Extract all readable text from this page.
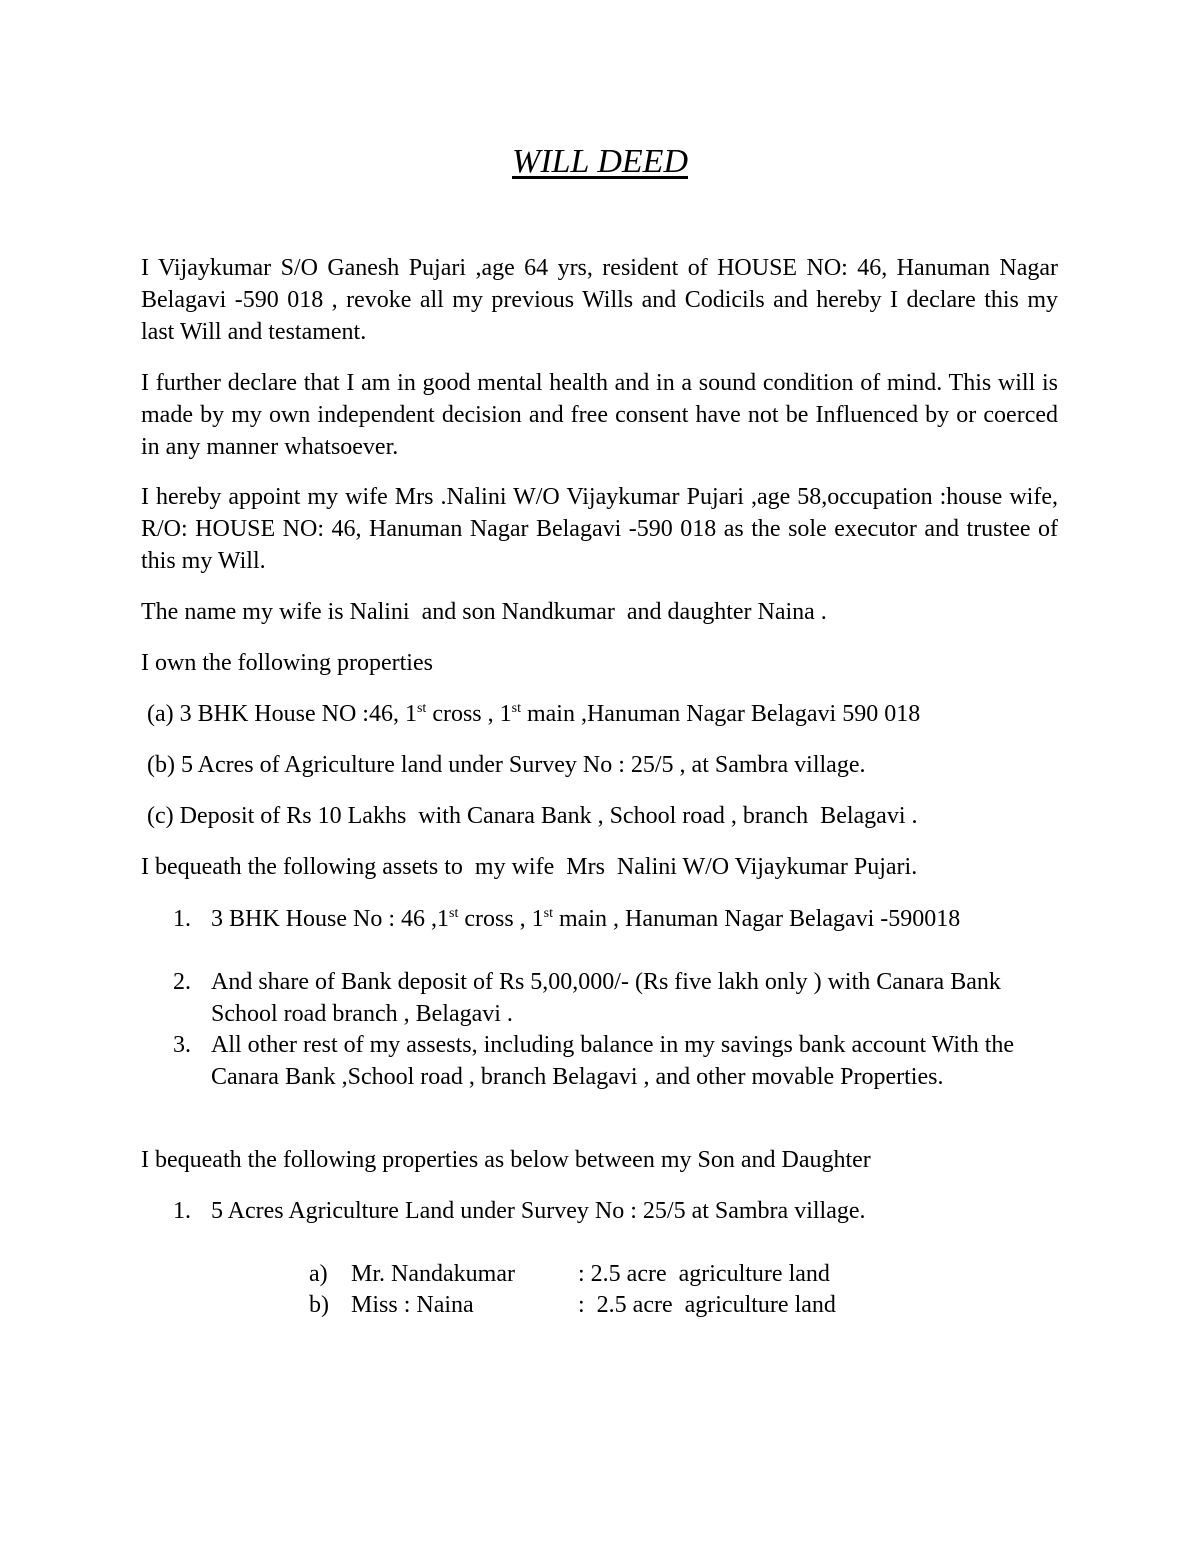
WILL DEED

I Vijaykumar S/O Ganesh Pujari ,age 64 yrs, resident of HOUSE NO: 46, Hanuman Nagar Belagavi -590 018 , revoke all my previous Wills and Codicils and hereby I declare this my last Will and testament.

I further declare that I am in good mental health and in a sound condition of mind. This will is made by my own independent decision and free consent have not be Influenced by or coerced in any manner whatsoever.

I hereby appoint my wife Mrs .Nalini W/O Vijaykumar Pujari ,age 58,occupation :house wife, R/O: HOUSE NO: 46, Hanuman Nagar Belagavi -590 018 as the sole executor and trustee of this my Will.

The name my wife is Nalini  and son Nandkumar  and daughter Naina .
I own the following properties
(a) 3 BHK House NO :46, 1st cross , 1st main ,Hanuman Nagar Belagavi 590 018
(b) 5 Acres of Agriculture land under Survey No : 25/5 , at Sambra village.
(c) Deposit of Rs 10 Lakhs  with Canara Bank , School road , branch  Belagavi .
I bequeath the following assets to  my wife  Mrs  Nalini W/O Vijaykumar Pujari.
1. 3 BHK House No : 46 ,1st cross , 1st main , Hanuman Nagar Belagavi -590018
2. And share of Bank deposit of Rs 5,00,000/- (Rs five lakh only ) with Canara Bank School road branch , Belagavi .
3. All other rest of my assests, including balance in my savings bank account With the Canara Bank ,School road , branch Belagavi , and other movable Properties.
I bequeath the following properties as below between my Son and Daughter
1. 5 Acres Agriculture Land under Survey No : 25/5 at Sambra village.
a) Mr. Nandakumar	: 2.5 acre  agriculture land
b) Miss : Naina	:  2.5 acre  agriculture land
